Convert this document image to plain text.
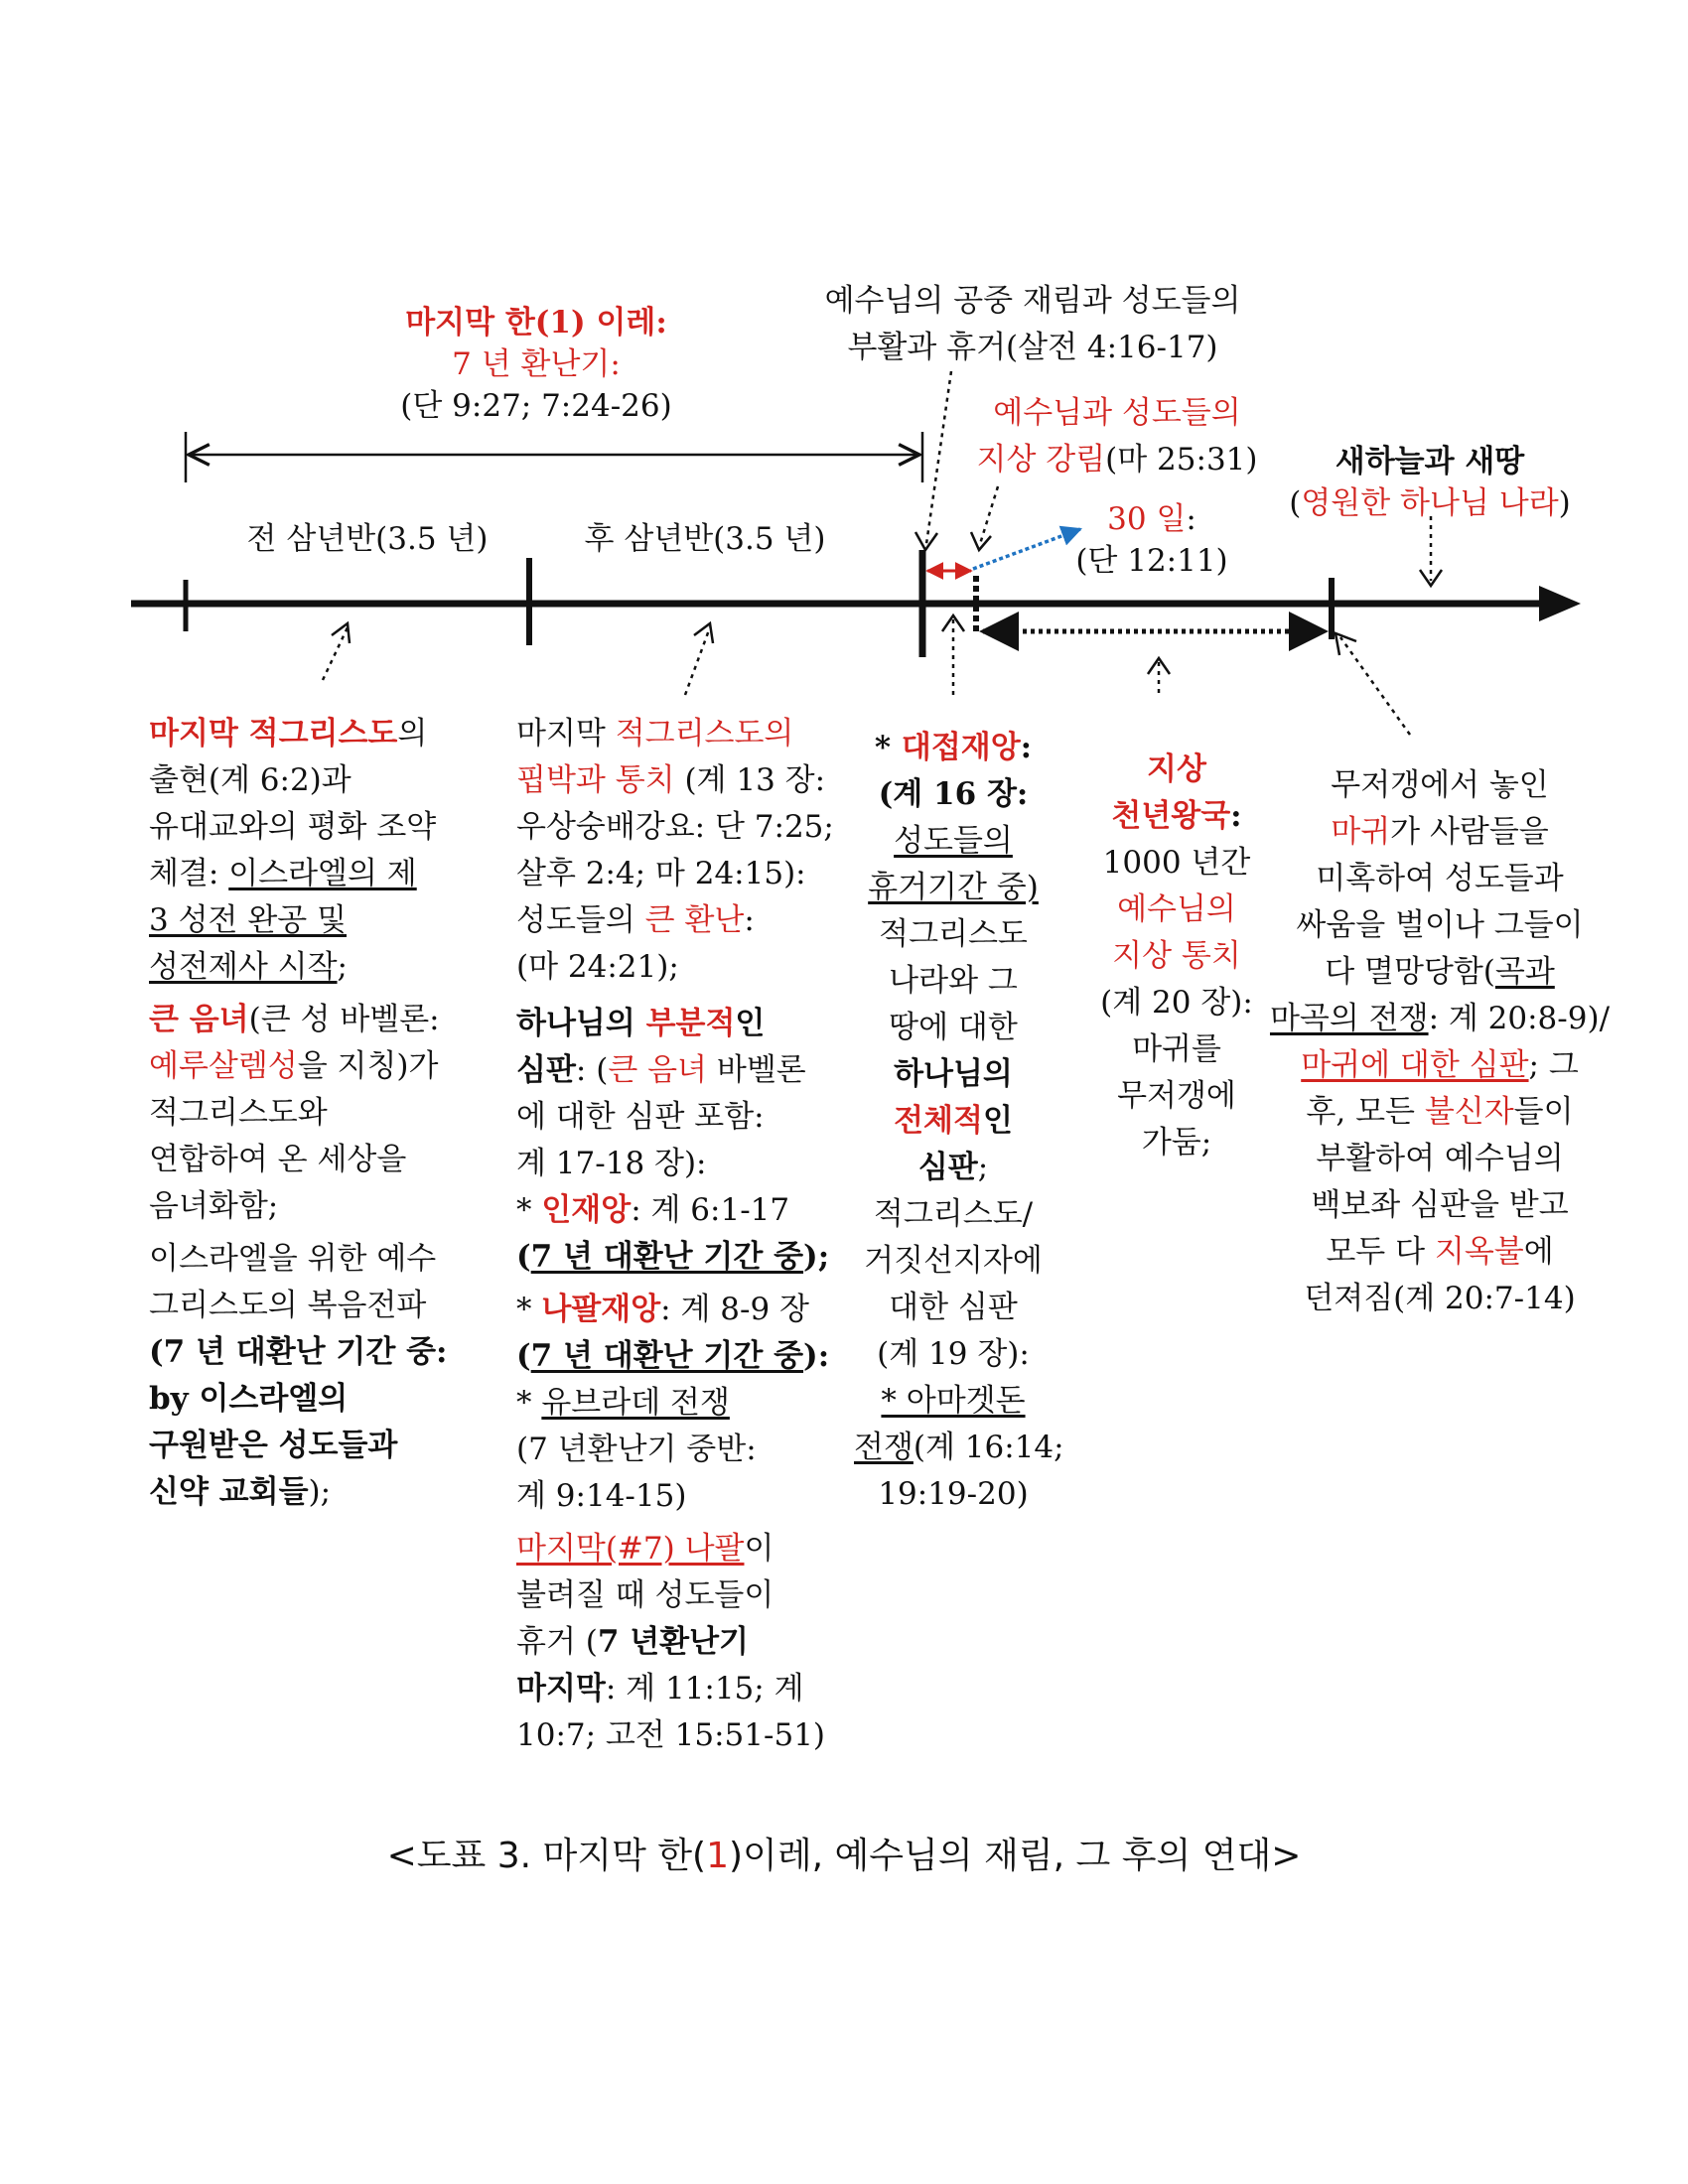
마지막 한(1) 이레:
7 년 환난기:
(단 9:27; 7:24-26)
예수님의 공중 재림과 성도들의
부활과 휴거(살전 4:16-17)
예수님과 성도들의
지상 강림(마 25:31)	새하늘과 새땅
(영원한 하나님 나라)
30 일:
(단 12:11)
전 삼년반(3.5 년)	후 삼년반(3.5 년)
마지막 적그리스도의
출현(계 6:2)과
유대교와의 평화 조약
체결: 이스라엘의 제
3 성전 완공 및
성전제사 시작;
큰 음녀(큰 성 바벨론:
예루살렘성을 지칭)가
적그리스도와
연합하여 온 세상을
음녀화함;
이스라엘을 위한 예수
그리스도의 복음전파
(7 년 대환난 기간 중:
by 이스라엘의
구원받은 성도들과
신약 교회들);
마지막 적그리스도의
핍박과 통치 (계 13 장:
우상숭배강요: 단 7:25;
살후 2:4; 마 24:15):
성도들의 큰 환난:
(마 24:21);
하나님의 부분적인
심판: (큰 음녀 바벨론
에 대한 심판 포함:
계 17-18 장):
* 인재앙: 계 6:1-17
(7 년 대환난 기간 중);
* 나팔재앙: 계 8-9 장
(7 년 대환난 기간 중):
* 유브라데 전쟁
(7 년환난기 중반:
계 9:14-15)
마지막(#7) 나팔이
불려질 때 성도들이
휴거 (7 년환난기
마지막: 계 11:15; 계
10:7; 고전 15:51-51)
* 대접재앙:
(계 16 장:
성도들의
휴거기간 중)
적그리스도
나라와 그
땅에 대한
하나님의
전체적인
심판;
적그리스도/
거짓선지자에
대한 심판
(계 19 장):
* 아마겟돈
전쟁(계 16:14;
19:19-20)
지상
천년왕국:
1000 년간
예수님의
지상 통치
(계 20 장):
마귀를
무저갱에
가둠;
무저갱에서 놓인
마귀가 사람들을
미혹하여 성도들과
싸움을 벌이나 그들이
다 멸망당함(곡과
마곡의 전쟁: 계 20:8-9)/
마귀에 대한 심판; 그
후, 모든 불신자들이
부활하여 예수님의
백보좌 심판을 받고
모두 다 지옥불에
던져짐(계 20:7-14)
<도표 3. 마지막 한(1)이레, 예수님의 재림, 그 후의 연대>
